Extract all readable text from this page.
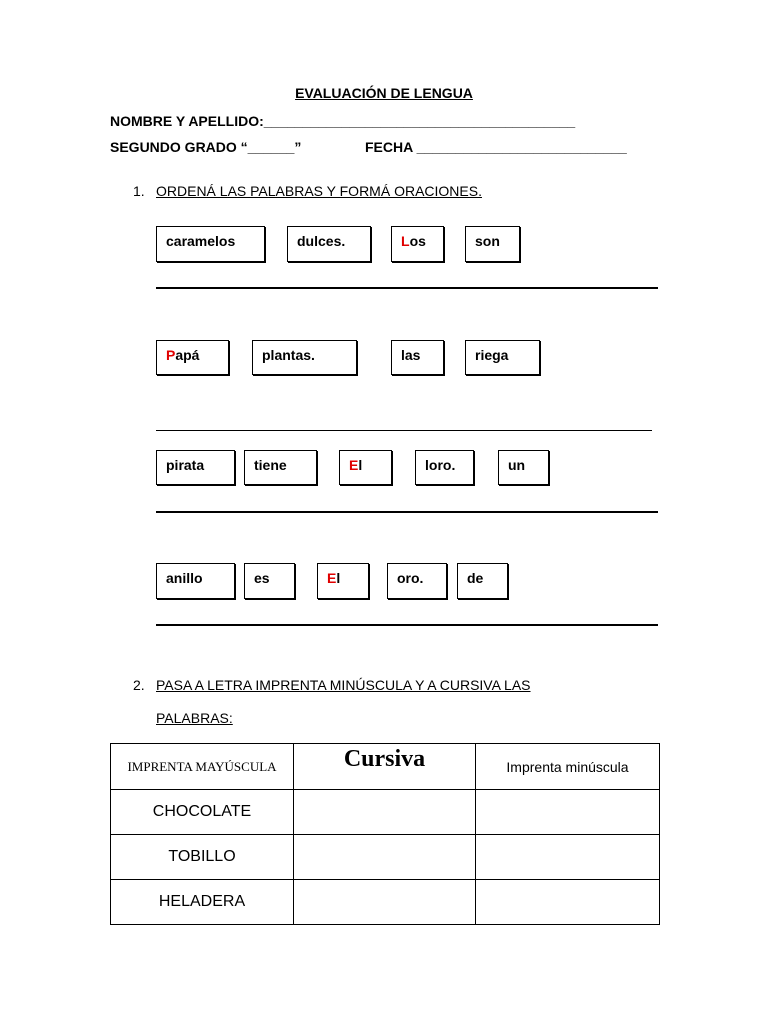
EVALUACIÓN DE LENGUA
NOMBRE Y APELLIDO:________________________________________
SEGUNDO GRADO “______”	FECHA ___________________________
1. ORDENÁ LAS PALABRAS Y FORMÁ ORACIONES.
caramelos	dulces.	Los	son
Papá	plantas.	las	riega
pirata	tiene	El	loro.	un
anillo	es	El	oro.	de
2. PASA A LETRA IMPRENTA MINÚSCULA Y A CURSIVA LAS
PALABRAS:
IMPRENTA MAYÚSCULA	Cursiva	Imprenta minúscula
CHOCOLATE		
TOBILLO		
HELADERA		
